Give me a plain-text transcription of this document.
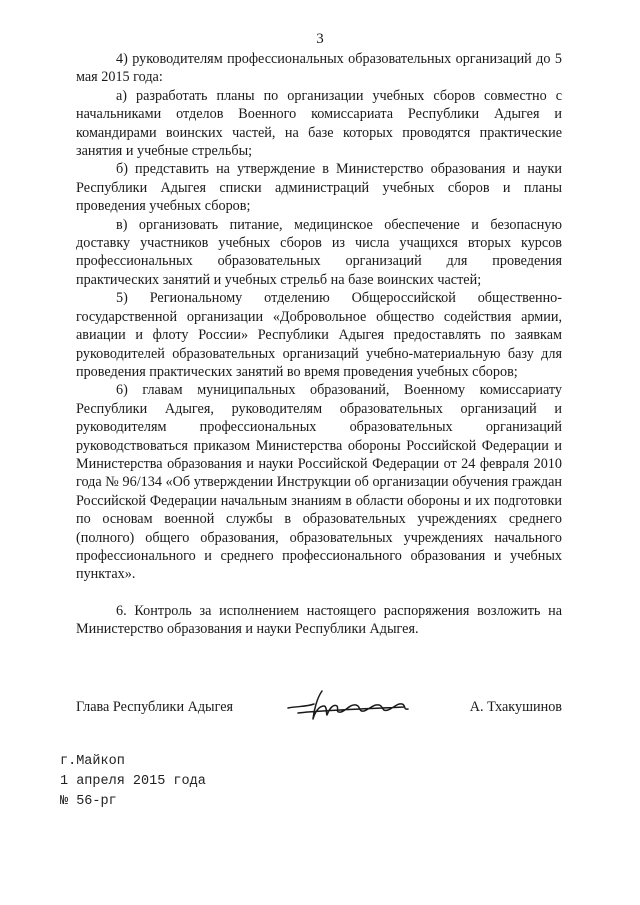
3

4) руководителям профессиональных образовательных организаций до 5 мая 2015 года:

а) разработать планы по организации учебных сборов совместно с начальниками отделов Военного комиссариата Республики Адыгея и командирами воинских частей, на базе которых проводятся практические занятия и учебные стрельбы;

б) представить на утверждение в Министерство образования и науки Республики Адыгея списки администраций учебных сборов и планы проведения учебных сборов;

в) организовать питание, медицинское обеспечение и безопасную доставку участников учебных сборов из числа учащихся вторых курсов профессиональных образовательных организаций для проведения практических занятий и учебных стрельб на базе воинских частей;

5) Региональному отделению Общероссийской общественно-государственной организации «Добровольное общество содействия армии, авиации и флоту России» Республики Адыгея предоставлять по заявкам руководителей образовательных организаций учебно-материальную базу для проведения практических занятий во время проведения учебных сборов;

6) главам муниципальных образований, Военному комиссариату Республики Адыгея, руководителям образовательных организаций и руководителям профессиональных образовательных организаций руководствоваться приказом Министерства обороны Российской Федерации и Министерства образования и науки Российской Федерации от 24 февраля 2010 года № 96/134 «Об утверждении Инструкции об организации обучения граждан Российской Федерации начальным знаниям в области обороны и их подготовки по основам военной службы в образовательных учреждениях среднего (полного) общего образования, образовательных учреждениях начального профессионального и среднего профессионального образования и учебных пунктах».

6. Контроль за исполнением настоящего распоряжения возложить на Министерство образования и науки Республики Адыгея.

Глава Республики Адыгея	А. Тхакушинов
г.Майкоп
1 апреля 2015 года
№ 56-рг
